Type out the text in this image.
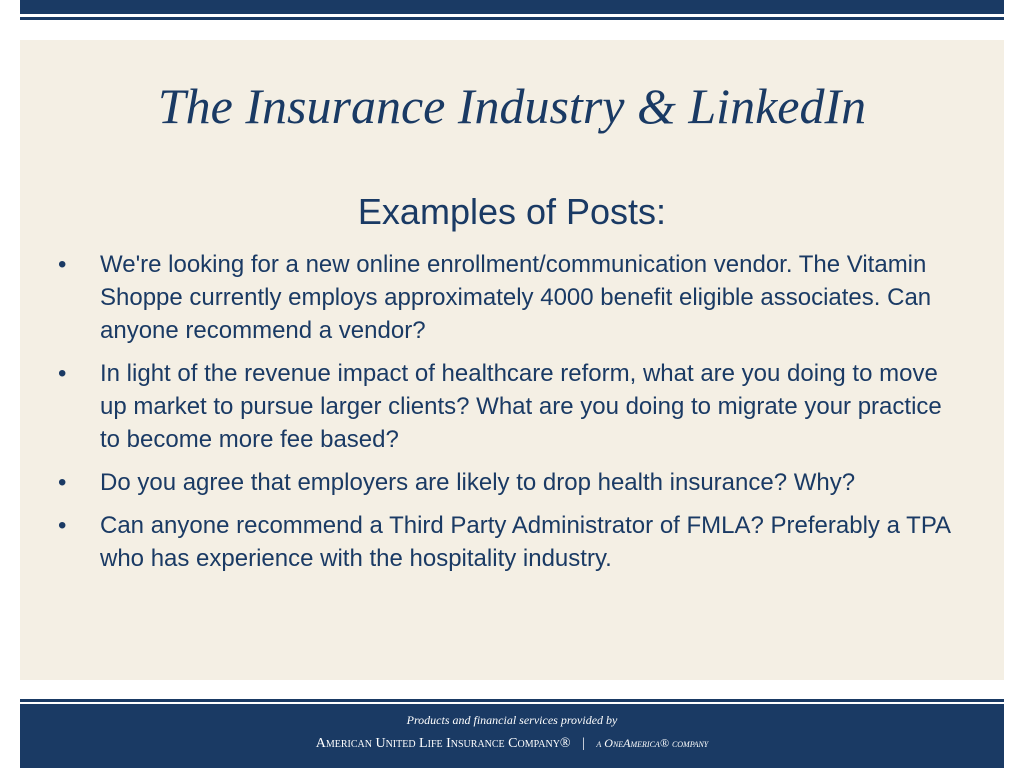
The Insurance Industry & LinkedIn
Examples of Posts:
•	We're looking for a new online enrollment/communication vendor. The Vitamin Shoppe currently employs approximately 4000 benefit eligible associates. Can anyone recommend a vendor?
•	In light of the revenue impact of healthcare reform, what are you doing to move up market to pursue larger clients? What are you doing to migrate your practice to become more fee based?
•	Do you agree that employers are likely to drop health insurance? Why?
•	Can anyone recommend a Third Party Administrator of FMLA? Preferably a TPA who has experience with the hospitality industry.
Products and financial services provided by
American United Life Insurance Company® | a OneAmerica® company
